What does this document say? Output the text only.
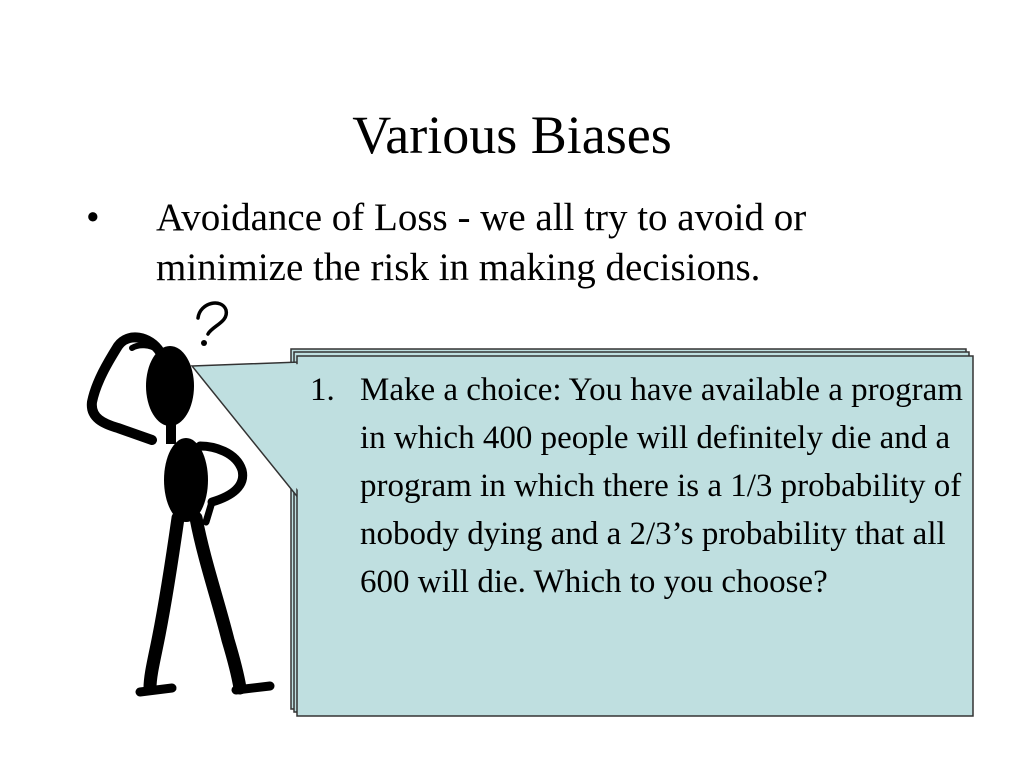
Various Biases
• Avoidance of Loss - we all try to avoid or minimize the risk in making decisions.
1. Make a choice: You have available a program in which 400 people will definitely die and a program in which there is a 1/3 probability of nobody dying and a 2/3’s probability that all 600 will die. Which to you choose?
